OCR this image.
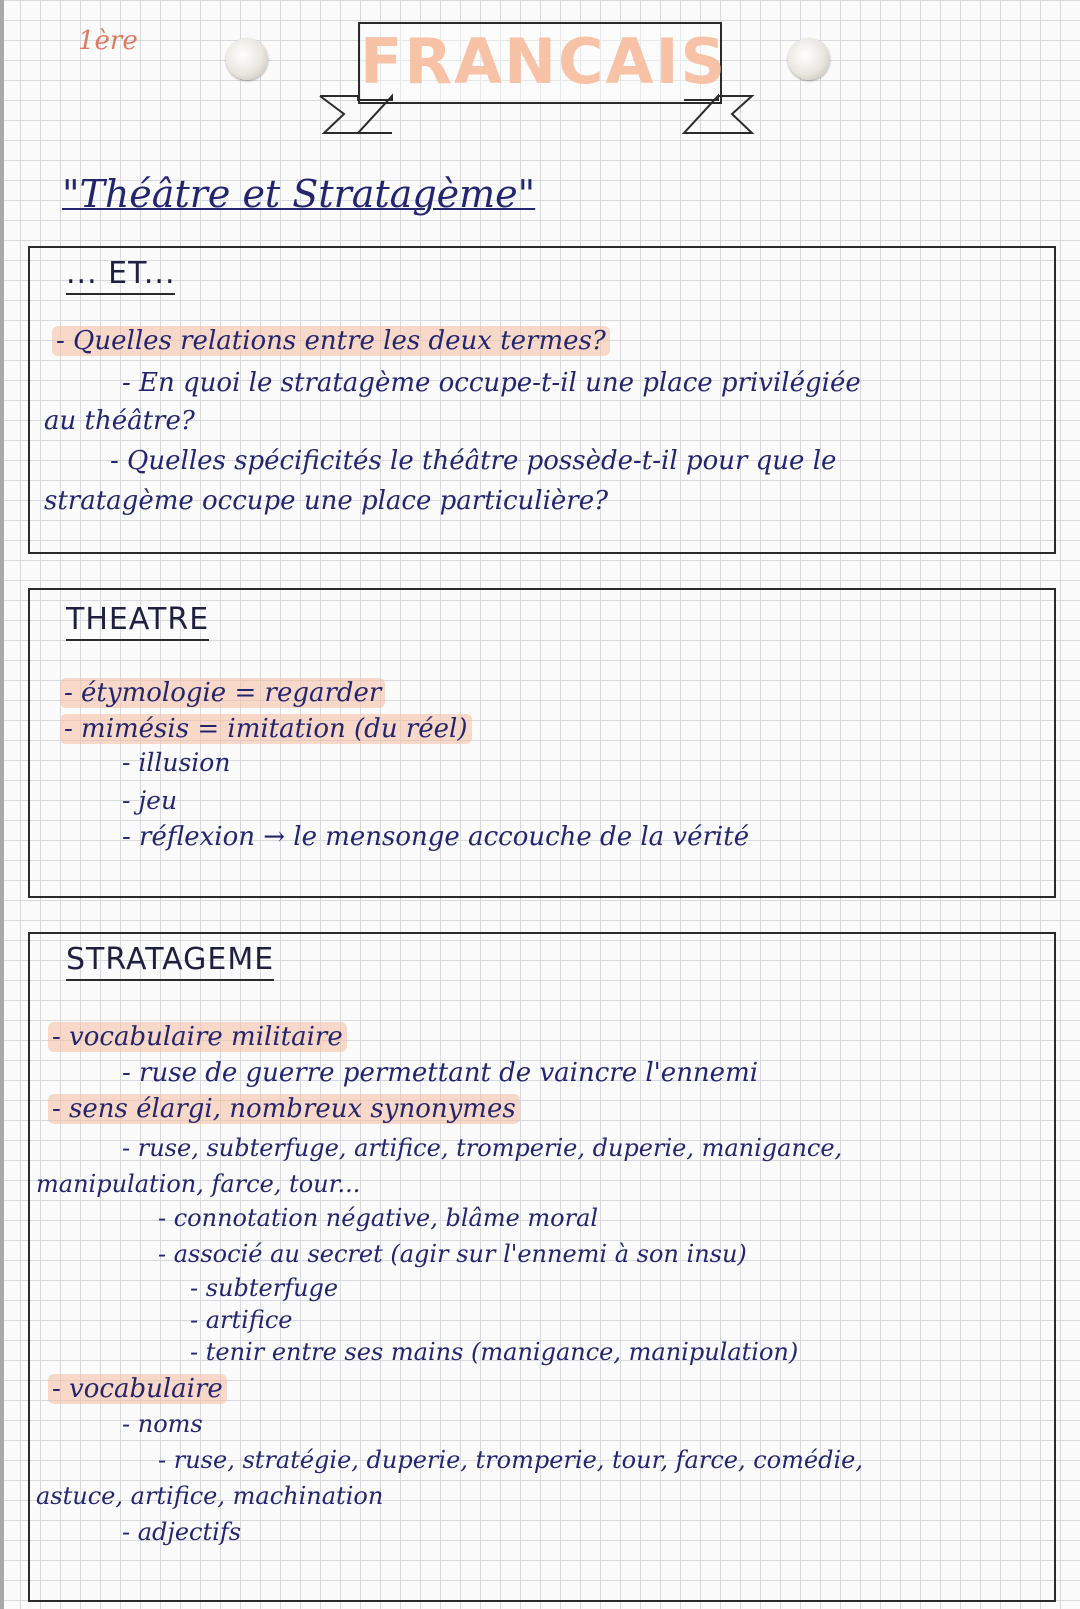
1ère	FRANCAIS
"Théâtre et Stratagème"
... ET...
- Quelles relations entre les deux termes?
- En quoi le stratagème occupe-t-il une place privilégiée
au théâtre?
- Quelles spécificités le théâtre possède-t-il pour que le
stratagème occupe une place particulière?
THEATRE
- étymologie = regarder
- mimésis = imitation (du réel)
- illusion
- jeu
- réflexion → le mensonge accouche de la vérité
STRATAGEME
- vocabulaire militaire
- ruse de guerre permettant de vaincre l'ennemi
- sens élargi, nombreux synonymes
- ruse, subterfuge, artifice, tromperie, duperie, manigance,
manipulation, farce, tour...
- connotation négative, blâme moral
- associé au secret (agir sur l'ennemi à son insu)
- subterfuge
- artifice
- tenir entre ses mains (manigance, manipulation)
- vocabulaire
- noms
- ruse, stratégie, duperie, tromperie, tour, farce, comédie,
astuce, artifice, machination
- adjectifs
